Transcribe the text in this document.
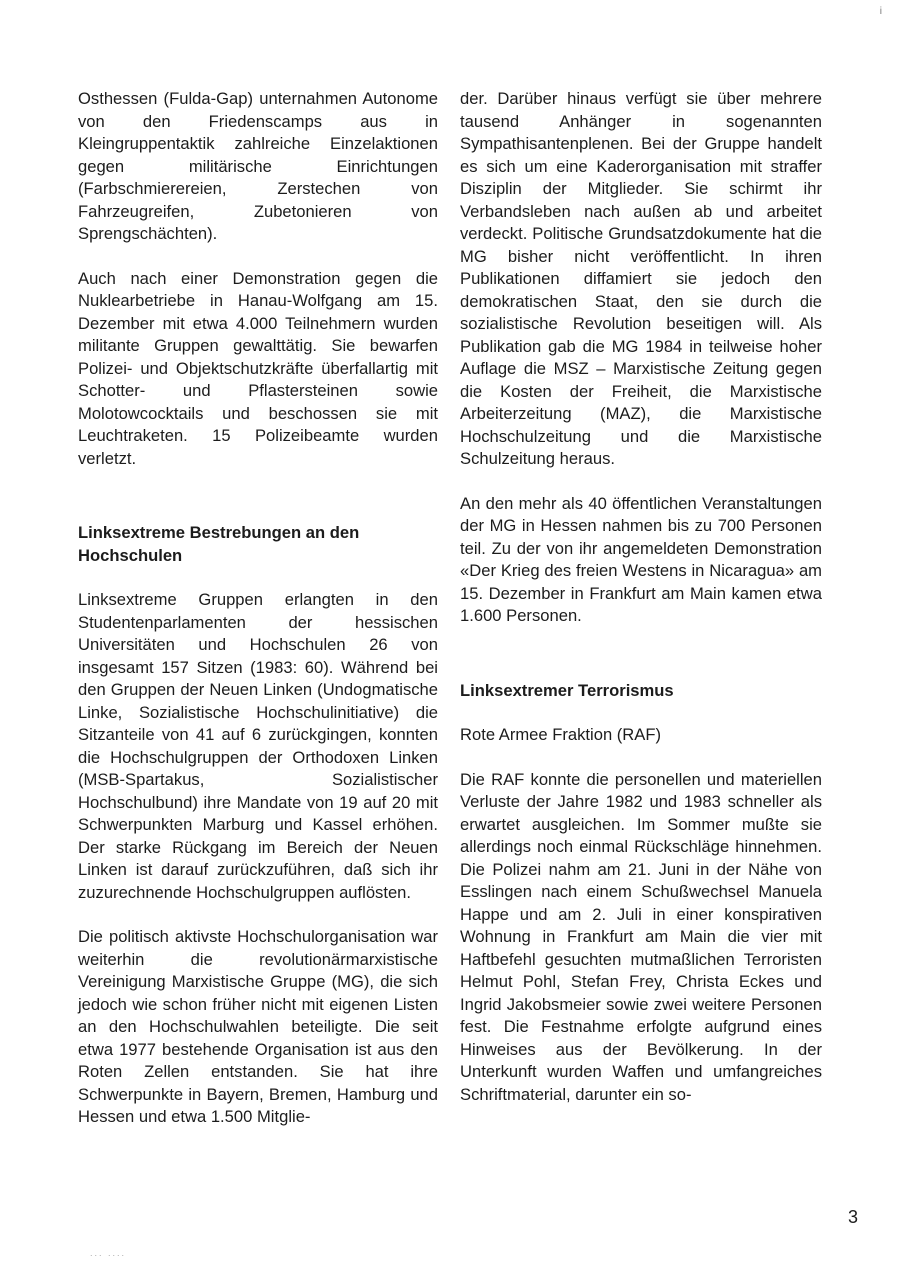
i

Osthessen (Fulda-Gap) unternahmen Autonome von den Friedenscamps aus in Kleingruppentaktik zahlreiche Einzelaktionen gegen militärische Einrichtungen (Farbschmierereien, Zerstechen von Fahrzeugreifen, Zubetonieren von Sprengschächten).

Auch nach einer Demonstration gegen die Nuklearbetriebe in Hanau-Wolfgang am 15. Dezember mit etwa 4.000 Teilnehmern wurden militante Gruppen gewalttätig. Sie bewarfen Polizei- und Objektschutzkräfte überfallartig mit Schotter- und Pflastersteinen sowie Molotowcocktails und beschossen sie mit Leuchtraketen. 15 Polizeibeamte wurden verletzt.

Linksextreme Bestrebungen an den Hochschulen

Linksextreme Gruppen erlangten in den Studentenparlamenten der hessischen Universitäten und Hochschulen 26 von insgesamt 157 Sitzen (1983: 60). Während bei den Gruppen der Neuen Linken (Undogmatische Linke, Sozialistische Hochschulinitiative) die Sitzanteile von 41 auf 6 zurückgingen, konnten die Hochschulgruppen der Orthodoxen Linken (MSB-Spartakus, Sozialistischer Hochschulbund) ihre Mandate von 19 auf 20 mit Schwerpunkten Marburg und Kassel erhöhen. Der starke Rückgang im Bereich der Neuen Linken ist darauf zurückzuführen, daß sich ihr zuzurechnende Hochschulgruppen auflösten.

Die politisch aktivste Hochschulorganisation war weiterhin die revolutionärmarxistische Vereinigung Marxistische Gruppe (MG), die sich jedoch wie schon früher nicht mit eigenen Listen an den Hochschulwahlen beteiligte. Die seit etwa 1977 bestehende Organisation ist aus den Roten Zellen entstanden. Sie hat ihre Schwerpunkte in Bayern, Bremen, Hamburg und Hessen und etwa 1.500 Mitglie-

der. Darüber hinaus verfügt sie über mehrere tausend Anhänger in sogenannten Sympathisantenplenen. Bei der Gruppe handelt es sich um eine Kaderorganisation mit straffer Disziplin der Mitglieder. Sie schirmt ihr Verbandsleben nach außen ab und arbeitet verdeckt. Politische Grundsatzdokumente hat die MG bisher nicht veröffentlicht. In ihren Publikationen diffamiert sie jedoch den demokratischen Staat, den sie durch die sozialistische Revolution beseitigen will. Als Publikation gab die MG 1984 in teilweise hoher Auflage die MSZ – Marxistische Zeitung gegen die Kosten der Freiheit, die Marxistische Arbeiterzeitung (MAZ), die Marxistische Hochschulzeitung und die Marxistische Schulzeitung heraus.

An den mehr als 40 öffentlichen Veranstaltungen der MG in Hessen nahmen bis zu 700 Personen teil. Zu der von ihr angemeldeten Demonstration «Der Krieg des freien Westens in Nicaragua» am 15. Dezember in Frankfurt am Main kamen etwa 1.600 Personen.

Linksextremer Terrorismus

Rote Armee Fraktion (RAF)

Die RAF konnte die personellen und materiellen Verluste der Jahre 1982 und 1983 schneller als erwartet ausgleichen. Im Sommer mußte sie allerdings noch einmal Rückschläge hinnehmen. Die Polizei nahm am 21. Juni in der Nähe von Esslingen nach einem Schußwechsel Manuela Happe und am 2. Juli in einer konspirativen Wohnung in Frankfurt am Main die vier mit Haftbefehl gesuchten mutmaßlichen Terroristen Helmut Pohl, Stefan Frey, Christa Eckes und Ingrid Jakobsmeier sowie zwei weitere Personen fest. Die Festnahme erfolgte aufgrund eines Hinweises aus der Bevölkerung. In der Unterkunft wurden Waffen und umfangreiches Schriftmaterial, darunter ein so-

3
... ....
